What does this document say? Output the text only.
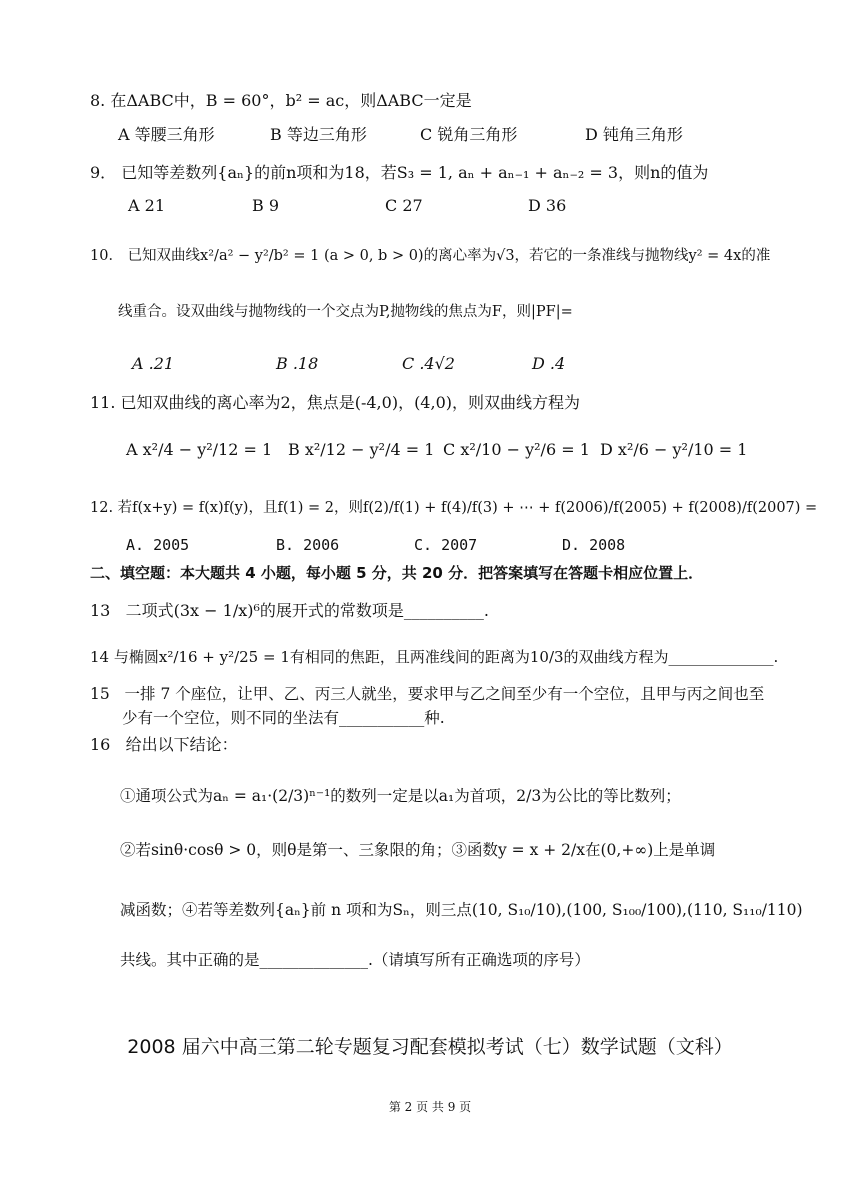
8. 在ΔABC中，B = 60°，b² = ac，则ΔABC一定是
A 等腰三角形	B 等边三角形	C 锐角三角形	D 钝角三角形
9． 已知等差数列{aₙ}的前n项和为18，若S₃ = 1, aₙ + aₙ₋₁ + aₙ₋₂ = 3，则n的值为
A 21	B 9	C 27	D 36
10． 已知双曲线x²/a² − y²/b² = 1 (a > 0, b > 0)的离心率为√3，若它的一条准线与抛物线y² = 4x的准
线重合。设双曲线与抛物线的一个交点为P,抛物线的焦点为F，则|PF|=
A .21	B .18	C .4√2	D .4
11. 已知双曲线的离心率为2，焦点是(-4,0)，(4,0)，则双曲线方程为
A x²/4 − y²/12 = 1 B x²/12 − y²/4 = 1 C x²/10 − y²/6 = 1 D x²/6 − y²/10 = 1
12. 若f(x+y) = f(x)f(y)，且f(1) = 2，则f(2)/f(1) + f(4)/f(3) + ⋯ + f(2006)/f(2005) + f(2008)/f(2007) =
A. 2005	B. 2006	C. 2007	D. 2008
二、填空题：本大题共 4 小题，每小题 5 分，共 20 分．把答案填写在答题卡相应位置上．
13 二项式(3x − 1/x)⁶的展开式的常数项是__________.
14 与椭圆x²/16 + y²/25 = 1有相同的焦距，且两准线间的距离为10/3的双曲线方程为______________.
15 一排 7 个座位，让甲、乙、丙三人就坐，要求甲与乙之间至少有一个空位，且甲与丙之间也至
少有一个空位，则不同的坐法有___________种.
16 给出以下结论：
①通项公式为aₙ = a₁·(2/3)ⁿ⁻¹的数列一定是以a₁为首项，2/3为公比的等比数列；
②若sinθ·cosθ > 0，则θ是第一、三象限的角；③函数y = x + 2/x在(0,+∞)上是单调
减函数；④若等差数列{aₙ}前 n 项和为Sₙ，则三点(10, S₁₀/10),(100, S₁₀₀/100),(110, S₁₁₀/110)
共线。其中正确的是______________.（请填写所有正确选项的序号）
2008 届六中高三第二轮专题复习配套模拟考试（七）数学试题（文科）
第 2 页 共 9 页
